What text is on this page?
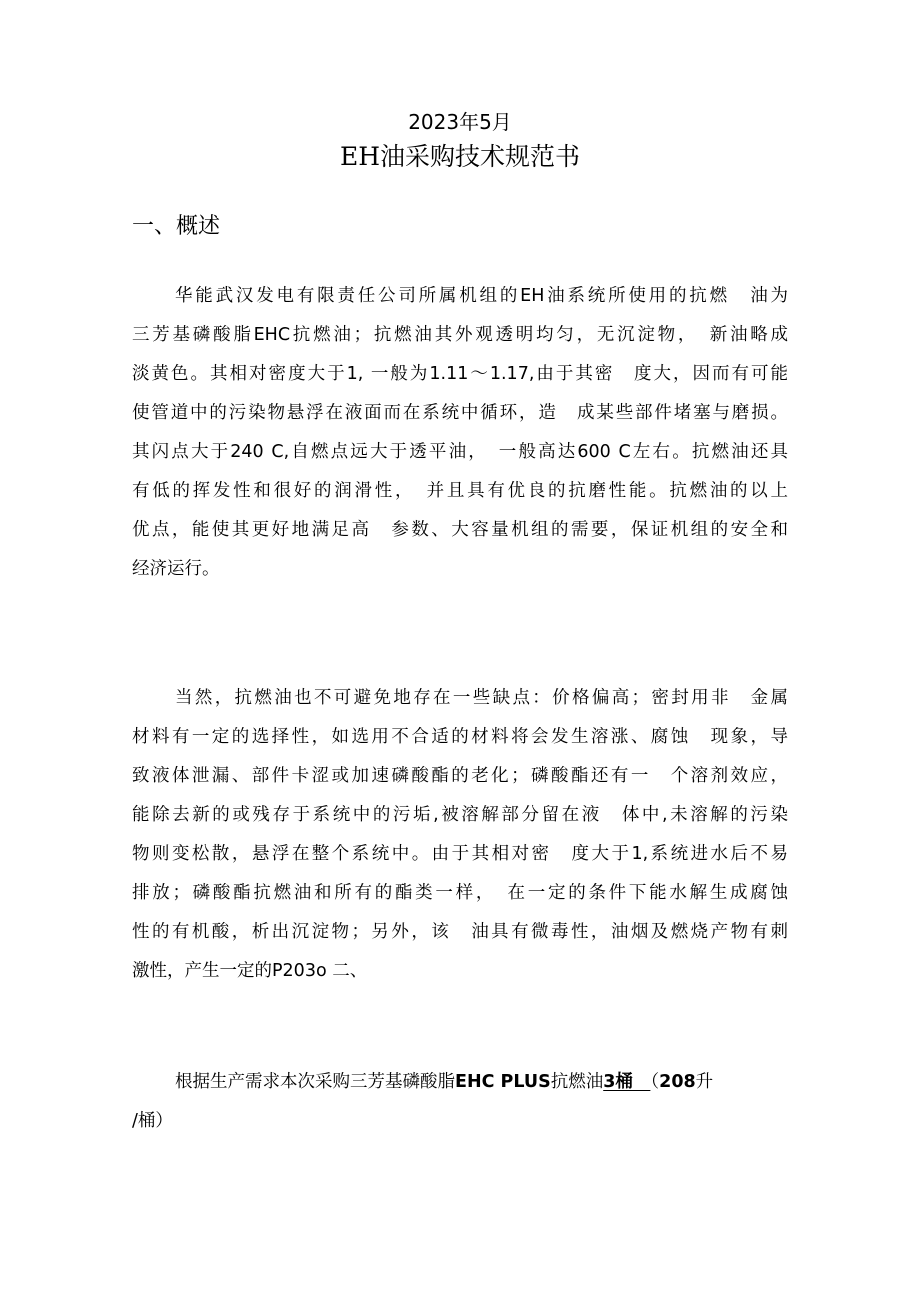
2023年5月
EH油采购技术规范书
一、概述
华能武汉发电有限责任公司所属机组的EH油系统所使用的抗燃　油为
三芳基磷酸脂EHC抗燃油；抗燃油其外观透明均匀，无沉淀物，　新油略成
淡黄色。其相对密度大于1, 一般为1.11～1.17,由于其密　度大，因而有可能
使管道中的污染物悬浮在液面而在系统中循环，造　成某些部件堵塞与磨损。
其闪点大于240 C,自燃点远大于透平油，　一般高达600 C左右。抗燃油还具
有低的挥发性和很好的润滑性，　并且具有优良的抗磨性能。抗燃油的以上
优点，能使其更好地满足高　参数、大容量机组的需要，保证机组的安全和
经济运行。
当然，抗燃油也不可避免地存在一些缺点：价格偏高；密封用非　金属
材料有一定的选择性，如选用不合适的材料将会发生溶涨、腐蚀　现象，导
致液体泄漏、部件卡涩或加速磷酸酯的老化；磷酸酯还有一　个溶剂效应，
能除去新的或残存于系统中的污垢,被溶解部分留在液　体中,未溶解的污染
物则变松散，悬浮在整个系统中。由于其相对密　度大于1,系统进水后不易
排放；磷酸酯抗燃油和所有的酯类一样，　在一定的条件下能水解生成腐蚀
性的有机酸，析出沉淀物；另外，该　油具有微毒性，油烟及燃烧产物有刺
激性，产生一定的P203o 二、
根据生产需求本次采购三芳基磷酸脂EHC PLUS抗燃油3桶　（208升
/桶）
